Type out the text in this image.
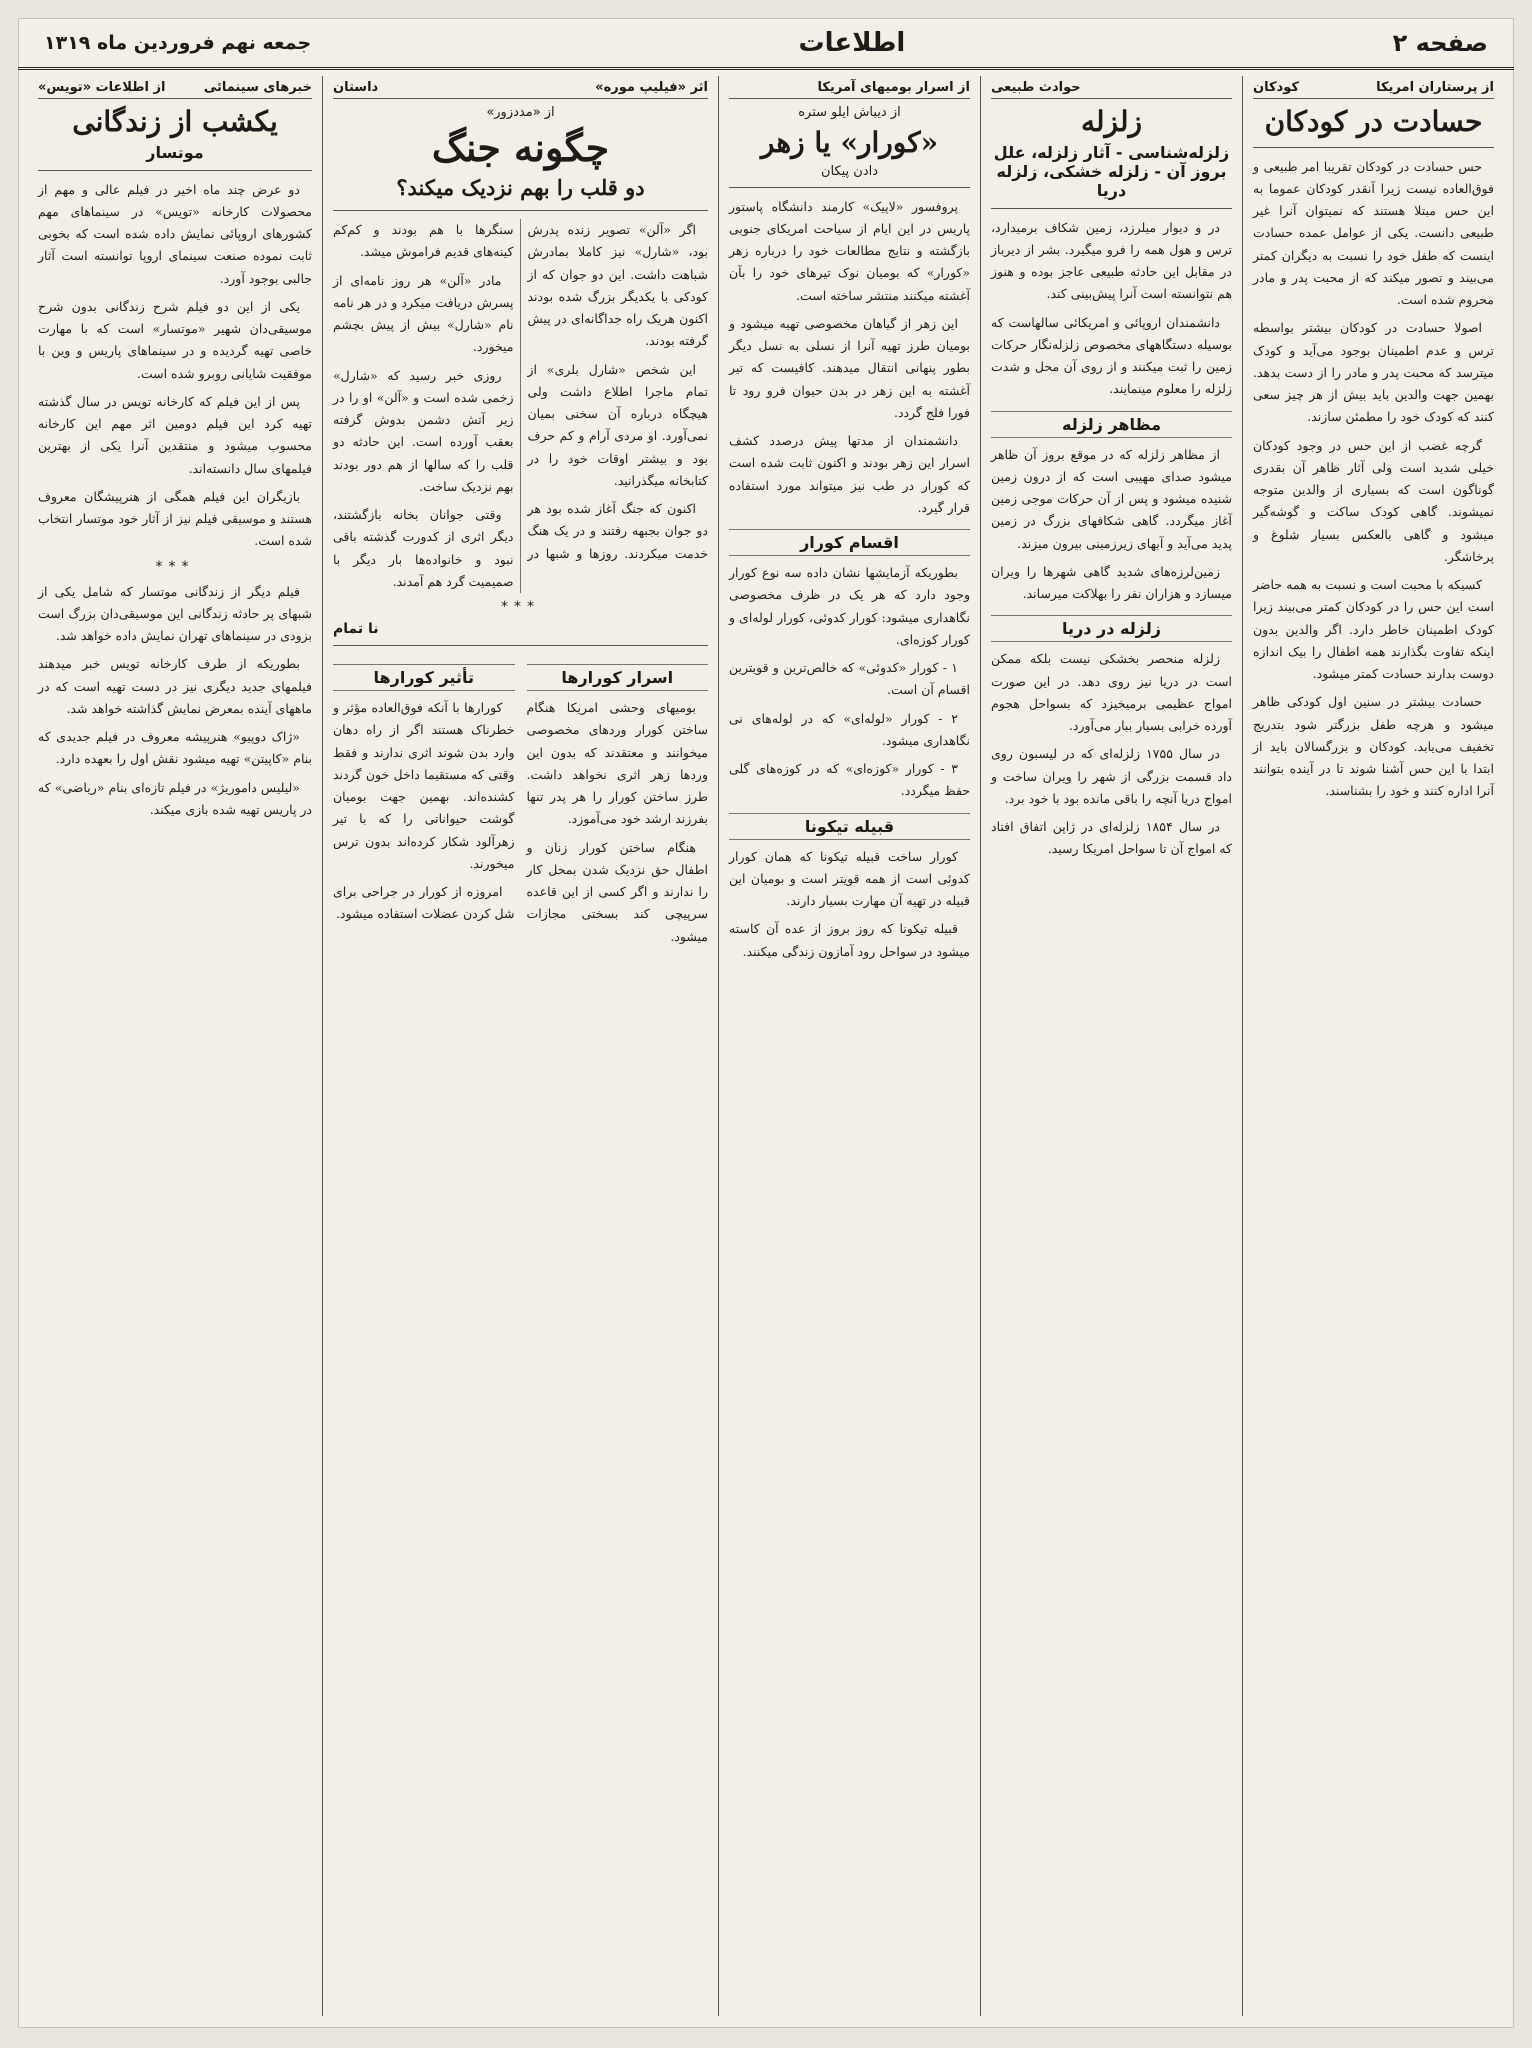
صفحه ۲
اطلاعات
جمعه نهم فروردین ماه ۱۳۱۹
از پرستاران امریکا
کودکان
حسادت در کودکان

حس حسادت در کودکان تقریبا امر طبیعی و فوق‌العاده نیست زیرا آنقدر کودکان عموما به این حس مبتلا هستند که نمیتوان آنرا غیر طبیعی دانست. یکی از عوامل عمده حسادت اینست که طفل خود را نسبت به دیگران کمتر می‌بیند و تصور میکند که از محبت پدر و مادر محروم شده است.

اصولا حسادت در کودکان بیشتر بواسطه ترس و عدم اطمینان بوجود می‌آید و کودک میترسد که محبت پدر و مادر را از دست بدهد. بهمین جهت والدین باید بیش از هر چیز سعی کنند که کودک خود را مطمئن سازند.

گرچه غضب از این حس در وجود کودکان خیلی شدید است ولی آثار ظاهر آن بقدری گوناگون است که بسیاری از والدین متوجه نمیشوند. گاهی کودک ساکت و گوشه‌گیر میشود و گاهی بالعکس بسیار شلوغ و پرخاشگر.

کسیکه با محبت است و نسبت به همه حاضر است این حس را در کودکان کمتر می‌بیند زیرا کودک اطمینان خاطر دارد. اگر والدین بدون اینکه تفاوت بگذارند همه اطفال را بیک اندازه دوست بدارند حسادت کمتر میشود.

حسادت بیشتر در سنین اول کودکی ظاهر میشود و هرچه طفل بزرگتر شود بتدریج تخفیف می‌یابد. کودکان و بزرگسالان باید از ابتدا با این حس آشنا شوند تا در آینده بتوانند آنرا اداره کنند و خود را بشناسند.

حوادث طبیعی
زلزله
زلزله‌شناسی - آثار زلزله، علل بروز آن - زلزله خشکی، زلزله دریا

در و دیوار میلرزد، زمین شکاف برمیدارد، ترس و هول همه را فرو میگیرد. بشر از دیرباز در مقابل این حادثه طبیعی عاجز بوده و هنوز هم نتوانسته است آنرا پیش‌بینی کند.

دانشمندان اروپائی و امریکائی سالهاست که بوسیله دستگاههای مخصوص زلزله‌نگار حرکات زمین را ثبت میکنند و از روی آن محل و شدت زلزله را معلوم مینمایند.

مظاهر زلزله

از مظاهر زلزله که در موقع بروز آن ظاهر میشود صدای مهیبی است که از درون زمین شنیده میشود و پس از آن حرکات موجی زمین آغاز میگردد. گاهی شکافهای بزرگ در زمین پدید می‌آید و آبهای زیرزمینی بیرون میزند.

زمین‌لرزه‌های شدید گاهی شهرها را ویران میسازد و هزاران نفر را بهلاکت میرساند.

زلزله در دریا

زلزله منحصر بخشکی نیست بلکه ممکن است در دریا نیز روی دهد. در این صورت امواج عظیمی برمیخیزد که بسواحل هجوم آورده خرابی بسیار ببار می‌آورد.

در سال ۱۷۵۵ زلزله‌ای که در لیسبون روی داد قسمت بزرگی از شهر را ویران ساخت و امواج دریا آنچه را باقی مانده بود با خود برد.

در سال ۱۸۵۴ زلزله‌ای در ژاپن اتفاق افتاد که امواج آن تا سواحل امریکا رسید.

از اسرار بومیهای آمریکا
از دیباش ایلو ستره
«کورار» یا زهر
دادن پیکان

پروفسور «لاپیک» کارمند دانشگاه پاستور پاریس در این ایام از سیاحت امریکای جنوبی بازگشته و نتایج مطالعات خود را درباره زهر «کورار» که بومیان نوک تیرهای خود را بآن آغشته میکنند منتشر ساخته است.

این زهر از گیاهان مخصوصی تهیه میشود و بومیان طرز تهیه آنرا از نسلی به نسل دیگر بطور پنهانی انتقال میدهند. کافیست که تیر آغشته به این زهر در بدن حیوان فرو رود تا فورا فلج گردد.

دانشمندان از مدتها پیش درصدد کشف اسرار این زهر بودند و اکنون ثابت شده است که کورار در طب نیز میتواند مورد استفاده قرار گیرد.

اقسام کورار

بطوریکه آزمایشها نشان داده سه نوع کورار وجود دارد که هر یک در ظرف مخصوصی نگاهداری میشود: کورار کدوئی، کورار لوله‌ای و کورار کوزه‌ای.

۱ - کورار «کدوئی» که خالص‌ترین و قویترین اقسام آن است.

۲ - کورار «لوله‌ای» که در لوله‌های نی نگاهداری میشود.

۳ - کورار «کوزه‌ای» که در کوزه‌های گلی حفظ میگردد.

قبیله تیکونا

کورار ساخت قبیله تیکونا که همان کورار کدوئی است از همه قویتر است و بومیان این قبیله در تهیه آن مهارت بسیار دارند.

قبیله تیکونا که روز بروز از عده آن کاسته میشود در سواحل رود آمازون زندگی میکنند.

اثر «فیلیپ موره»
داستان
از «مددزور»
چگونه جنگ
دو قلب را بهم نزدیک میکند؟

اگر «آلن» تصویر زنده پدرش بود، «شارل» نیز کاملا بمادرش شباهت داشت. این دو جوان که از کودکی با یکدیگر بزرگ شده بودند اکنون هریک راه جداگانه‌ای در پیش گرفته بودند.

این شخص «شارل بلری» از تمام ماجرا اطلاع داشت ولی هیچگاه درباره آن سخنی بمیان نمی‌آورد. او مردی آرام و کم حرف بود و بیشتر اوقات خود را در کتابخانه میگذرانید.

اکنون که جنگ آغاز شده بود هر دو جوان بجبهه رفتند و در یک هنگ خدمت میکردند. روزها و شبها در سنگرها با هم بودند و کم‌کم کینه‌های قدیم فراموش میشد.

مادر «آلن» هر روز نامه‌ای از پسرش دریافت میکرد و در هر نامه نام «شارل» بیش از پیش بچشم میخورد.

روزی خبر رسید که «شارل» زخمی شده است و «آلن» او را در زیر آتش دشمن بدوش گرفته بعقب آورده است. این حادثه دو قلب را که سالها از هم دور بودند بهم نزدیک ساخت.

وقتی جوانان بخانه بازگشتند، دیگر اثری از کدورت گذشته باقی نبود و خانواده‌ها بار دیگر با صمیمیت گرد هم آمدند.

***
نا تمام
اسرار کورارها

بومیهای وحشی امریکا هنگام ساختن کورار وردهای مخصوصی میخوانند و معتقدند که بدون این وردها زهر اثری نخواهد داشت. طرز ساختن کورار را هر پدر تنها بفرزند ارشد خود می‌آموزد.

هنگام ساختن کورار زنان و اطفال حق نزدیک شدن بمحل کار را ندارند و اگر کسی از این قاعده سرپیچی کند بسختی مجازات میشود.

تأثیر کورارها

کورارها با آنکه فوق‌العاده مؤثر و خطرناک هستند اگر از راه دهان وارد بدن شوند اثری ندارند و فقط وقتی که مستقیما داخل خون گردند کشنده‌اند. بهمین جهت بومیان گوشت حیواناتی را که با تیر زهرآلود شکار کرده‌اند بدون ترس میخورند.

امروزه از کورار در جراحی برای شل کردن عضلات استفاده میشود.

خبرهای سینمائی
از اطلاعات «تویس»
یکشب از زندگانی
موتسار

دو عرض چند ماه اخیر در فیلم عالی و مهم از محصولات کارخانه «تویس» در سینماهای مهم کشورهای اروپائی نمایش داده شده است که بخوبی ثابت نموده صنعت سینمای اروپا توانسته است آثار جالبی بوجود آورد.

یکی از این دو فیلم شرح زندگانی بدون شرح موسیقی‌دان شهیر «موتسار» است که با مهارت خاصی تهیه گردیده و در سینماهای پاریس و وین با موفقیت شایانی روبرو شده است.

پس از این فیلم که کارخانه تویس در سال گذشته تهیه کرد این فیلم دومین اثر مهم این کارخانه محسوب میشود و منتقدین آنرا یکی از بهترین فیلمهای سال دانسته‌اند.

بازیگران این فیلم همگی از هنرپیشگان معروف هستند و موسیقی فیلم نیز از آثار خود موتسار انتخاب شده است.

***

فیلم دیگر از زندگانی موتسار که شامل یکی از شبهای پر حادثه زندگانی این موسیقی‌دان بزرگ است بزودی در سینماهای تهران نمایش داده خواهد شد.

بطوریکه از طرف کارخانه تویس خبر میدهند فیلمهای جدید دیگری نیز در دست تهیه است که در ماههای آینده بمعرض نمایش گذاشته خواهد شد.

«ژاک دوپیو» هنرپیشه معروف در فیلم جدیدی که بنام «کاپیتن» تهیه میشود نقش اول را بعهده دارد.

«لیلیس داموریژ» در فیلم تازه‌ای بنام «ریاضی» که در پاریس تهیه شده بازی میکند.
